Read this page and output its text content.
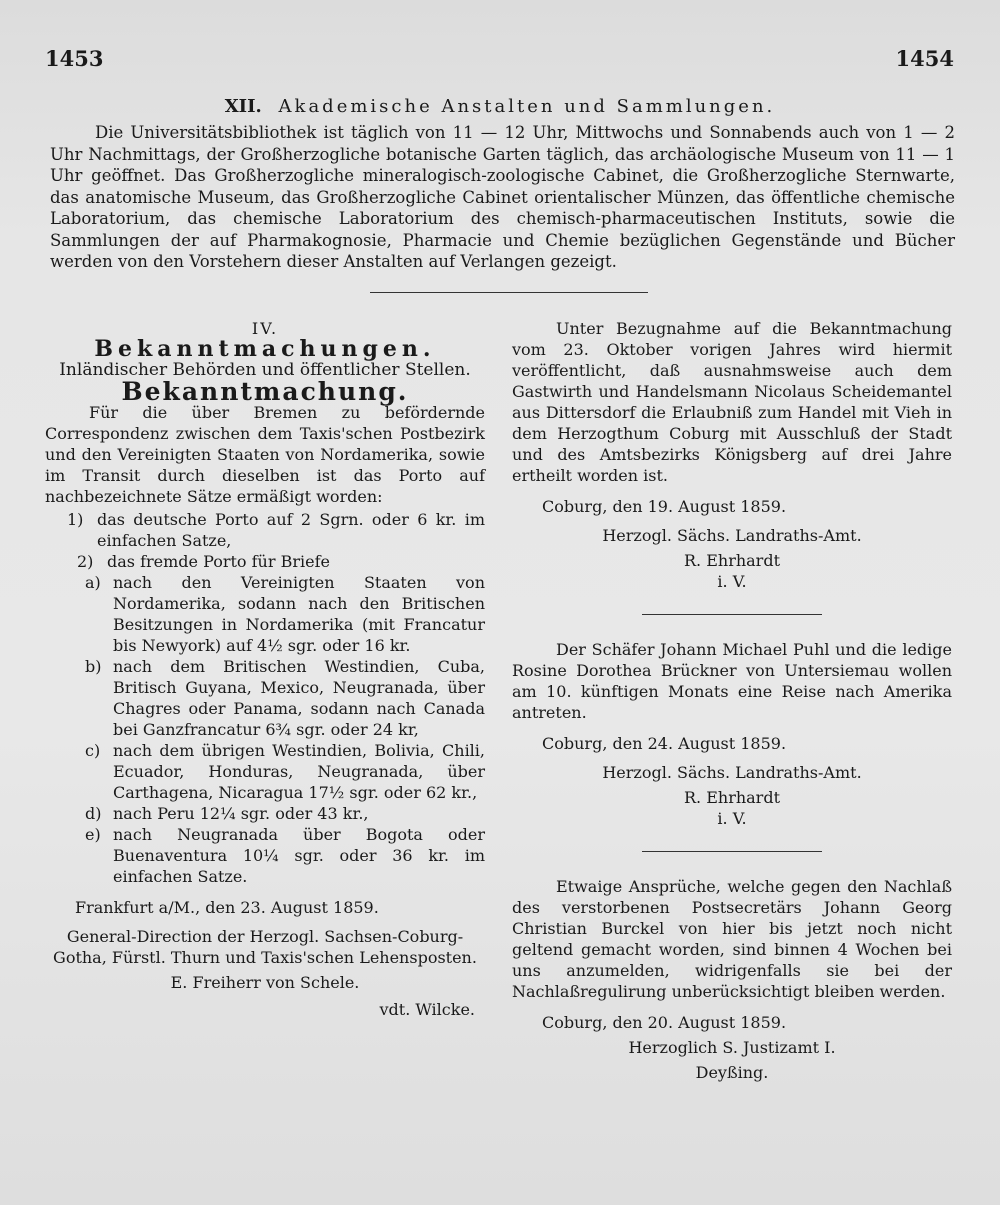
1453	1454
XII. Akademische Anstalten und Sammlungen.

Die Universitätsbibliothek ist täglich von 11 — 12 Uhr, Mittwochs und Sonnabends auch von 1 — 2 Uhr Nachmittags, der Großherzogliche botanische Garten täglich, das archäologische Museum von 11 — 1 Uhr geöffnet. Das Großherzogliche mineralogisch-zoologische Cabinet, die Großherzogliche Sternwarte, das anatomische Museum, das Großherzogliche Cabinet orientalischer Münzen, das öffentliche chemische Laboratorium, das chemische Laboratorium des chemisch-pharmaceutischen Instituts, sowie die Sammlungen der auf Pharmakognosie, Pharmacie und Chemie bezüglichen Gegenstände und Bücher werden von den Vorstehern dieser Anstalten auf Verlangen gezeigt.

IV.

Bekanntmachungen.

Inländischer Behörden und öffentlicher Stellen.

Bekanntmachung.

Für die über Bremen zu befördernde Correspondenz zwischen dem Taxis'schen Postbezirk und den Vereinigten Staaten von Nordamerika, sowie im Transit durch dieselben ist das Porto auf nachbezeichnete Sätze ermäßigt worden:

1) das deutsche Porto auf 2 Sgrn. oder 6 kr. im einfachen Satze,
2) das fremde Porto für Briefe
a) nach den Vereinigten Staaten von Nordamerika, sodann nach den Britischen Besitzungen in Nordamerika (mit Francatur bis Newyork) auf 4½ sgr. oder 16 kr.
b) nach dem Britischen Westindien, Cuba, Britisch Guyana, Mexico, Neugranada, über Chagres oder Panama, sodann nach Canada bei Ganzfrancatur 6¾ sgr. oder 24 kr,
c) nach dem übrigen Westindien, Bolivia, Chili, Ecuador, Honduras, Neugranada, über Carthagena, Nicaragua 17½ sgr. oder 62 kr.,
d) nach Peru 12¼ sgr. oder 43 kr.,
e) nach Neugranada über Bogota oder Buenaventura 10¼ sgr. oder 36 kr. im einfachen Satze.

Frankfurt a/M., den 23. August 1859.

General-Direction der Herzogl. Sachsen-Coburg-Gotha, Fürstl. Thurn und Taxis'schen Lehensposten.

E. Freiherr von Schele.

vdt. Wilcke.

Unter Bezugnahme auf die Bekanntmachung vom 23. Oktober vorigen Jahres wird hiermit veröffentlicht, daß ausnahmsweise auch dem Gastwirth und Handelsmann Nicolaus Scheidemantel aus Dittersdorf die Erlaubniß zum Handel mit Vieh in dem Herzogthum Coburg mit Ausschluß der Stadt und des Amtsbezirks Königsberg auf drei Jahre ertheilt worden ist.

Coburg, den 19. August 1859.

Herzogl. Sächs. Landraths-Amt.

R. Ehrhardt

i. V.

Der Schäfer Johann Michael Puhl und die ledige Rosine Dorothea Brückner von Untersiemau wollen am 10. künftigen Monats eine Reise nach Amerika antreten.

Coburg, den 24. August 1859.

Herzogl. Sächs. Landraths-Amt.

R. Ehrhardt

i. V.

Etwaige Ansprüche, welche gegen den Nachlaß des verstorbenen Postsecretärs Johann Georg Christian Burckel von hier bis jetzt noch nicht geltend gemacht worden, sind binnen 4 Wochen bei uns anzumelden, widrigenfalls sie bei der Nachlaßregulirung unberücksichtigt bleiben werden.

Coburg, den 20. August 1859.

Herzoglich S. Justizamt I.

Deyßing.
